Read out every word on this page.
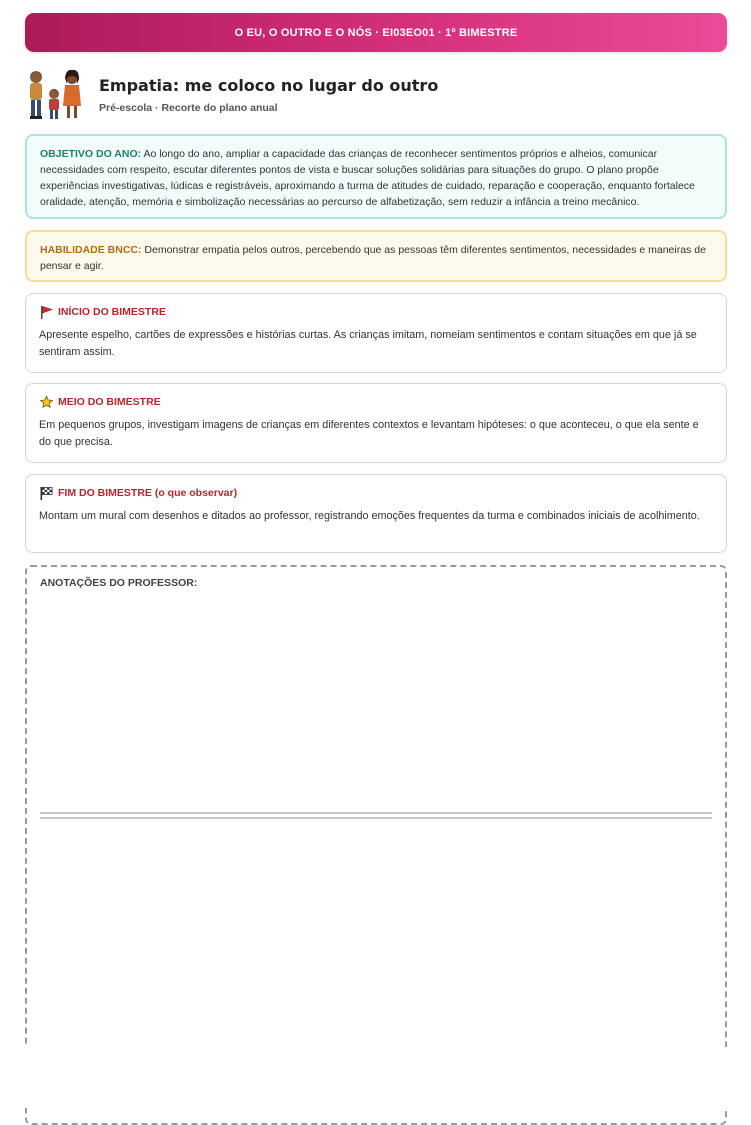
O EU, O OUTRO E O NÓS · EI03EO01 · 1º BIMESTRE
Empatia: me coloco no lugar do outro
Pré-escola · Recorte do plano anual
OBJETIVO DO ANO: Ao longo do ano, ampliar a capacidade das crianças de reconhecer sentimentos próprios e alheios, comunicar necessidades com respeito, escutar diferentes pontos de vista e buscar soluções solidárias para situações do grupo. O plano propõe experiências investigativas, lúdicas e registráveis, aproximando a turma de atitudes de cuidado, reparação e cooperação, enquanto fortalece oralidade, atenção, memória e simbolização necessárias ao percurso de alfabetização, sem reduzir a infância a treino mecânico.
HABILIDADE BNCC: Demonstrar empatia pelos outros, percebendo que as pessoas têm diferentes sentimentos, necessidades e maneiras de pensar e agir.
INÍCIO DO BIMESTRE
Apresente espelho, cartões de expressões e histórias curtas. As crianças imitam, nomeiam sentimentos e contam situações em que já se sentiram assim.
MEIO DO BIMESTRE
Em pequenos grupos, investigam imagens de crianças em diferentes contextos e levantam hipóteses: o que aconteceu, o que ela sente e do que precisa.
FIM DO BIMESTRE (o que observar)
Montam um mural com desenhos e ditados ao professor, registrando emoções frequentes da turma e combinados iniciais de acolhimento.
ANOTAÇÕES DO PROFESSOR:
